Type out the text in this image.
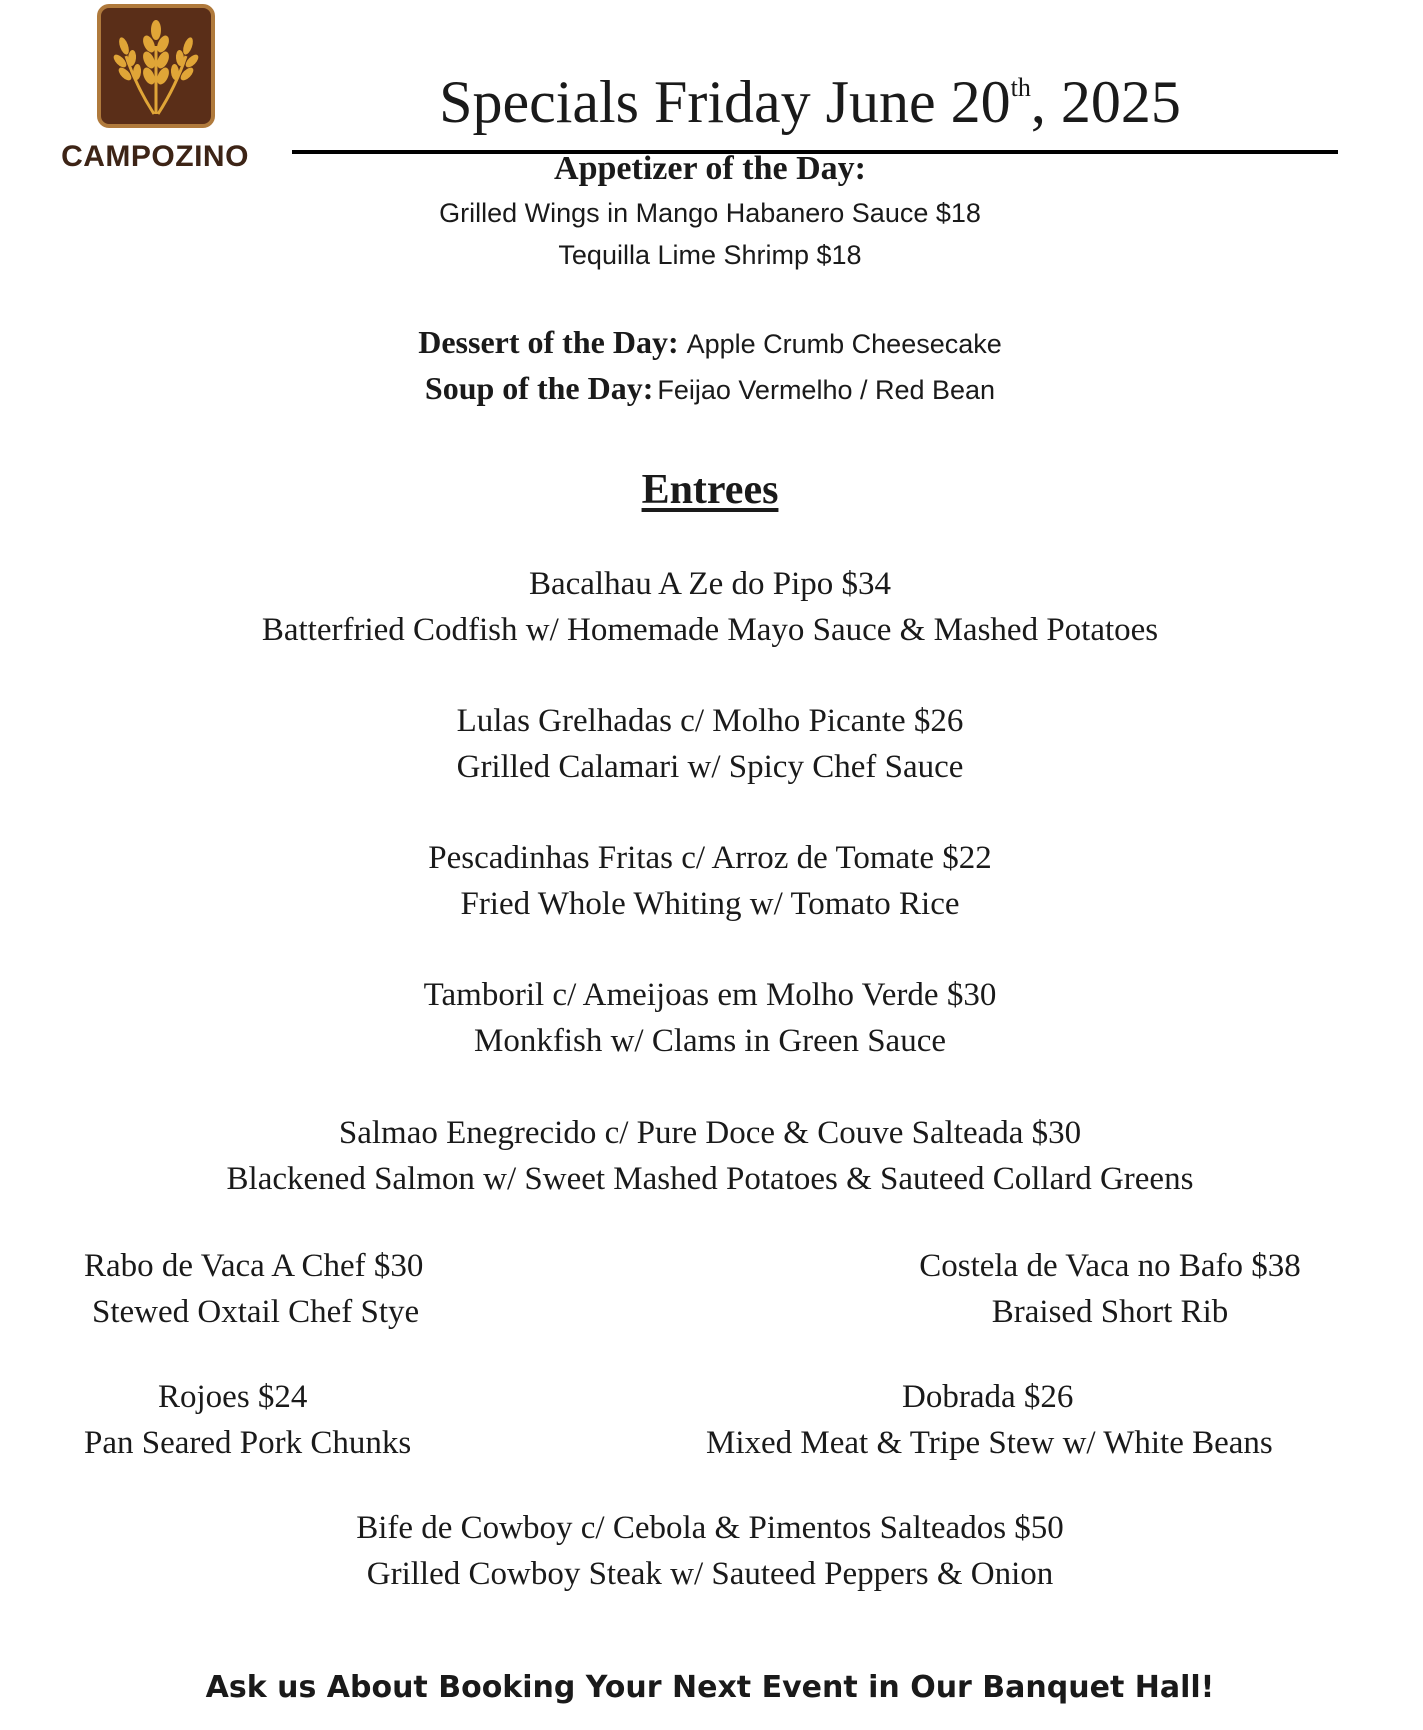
CAMPOZINO
Specials Friday June 20th, 2025
Appetizer of the Day:
Grilled Wings in Mango Habanero Sauce $18
Tequilla Lime Shrimp $18
Dessert of the Day: Apple Crumb Cheesecake
Soup of the Day: Feijao Vermelho / Red Bean
Entrees
Bacalhau A Ze do Pipo $34
Batterfried Codfish w/ Homemade Mayo Sauce & Mashed Potatoes
Lulas Grelhadas c/ Molho Picante $26
Grilled Calamari w/ Spicy Chef Sauce
Pescadinhas Fritas c/ Arroz de Tomate $22
Fried Whole Whiting w/ Tomato Rice
Tamboril c/ Ameijoas em Molho Verde $30
Monkfish w/ Clams in Green Sauce
Salmao Enegrecido c/ Pure Doce & Couve Salteada $30
Blackened Salmon w/ Sweet Mashed Potatoes & Sauteed Collard Greens
Rabo de Vaca A Chef $30
Stewed Oxtail Chef Stye
Costela de Vaca no Bafo $38
Braised Short Rib
Rojoes $24
Pan Seared Pork Chunks
Dobrada $26
Mixed Meat & Tripe Stew w/ White Beans
Bife de Cowboy c/ Cebola & Pimentos Salteados $50
Grilled Cowboy Steak w/ Sauteed Peppers & Onion
Ask us About Booking Your Next Event in Our Banquet Hall!
